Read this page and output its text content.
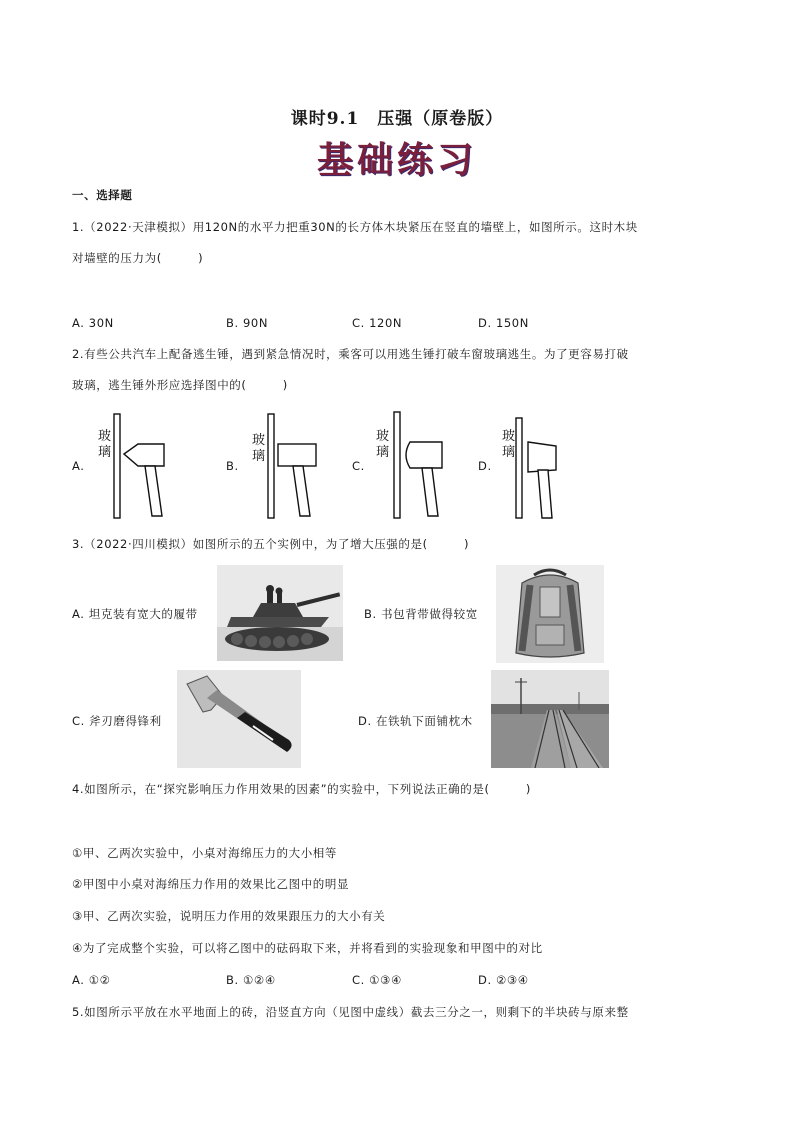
课时9.1　压强（原卷版）
基础练习
一、选择题
1.（2022·天津模拟）用120N的水平力把重30N的长方体木块紧压在竖直的墙壁上，如图所示。这时木块
对墙壁的压力为(　　　)
A. 30N	B. 90N	C. 120N	D. 150N
2.有些公共汽车上配备逃生锤，遇到紧急情况时，乘客可以用逃生锤打破车窗玻璃逃生。为了更容易打破
玻璃，逃生锤外形应选择图中的(　　　)
A.	B.	C.	D.
玻
璃
玻
璃
玻
璃
玻
璃
3.（2022·四川模拟）如图所示的五个实例中，为了增大压强的是(　　　)
A. 坦克装有宽大的履带	B. 书包背带做得较宽
C. 斧刃磨得锋利	D. 在铁轨下面铺枕木
4.如图所示，在“探究影响压力作用效果的因素”的实验中，下列说法正确的是(　　　)
①甲、乙两次实验中，小桌对海绵压力的大小相等
②甲图中小桌对海绵压力作用的效果比乙图中的明显
③甲、乙两次实验，说明压力作用的效果跟压力的大小有关
④为了完成整个实验，可以将乙图中的砝码取下来，并将看到的实验现象和甲图中的对比
A. ①②	B. ①②④	C. ①③④	D. ②③④
5.如图所示平放在水平地面上的砖，沿竖直方向（见图中虚线）截去三分之一，则剩下的半块砖与原来整
